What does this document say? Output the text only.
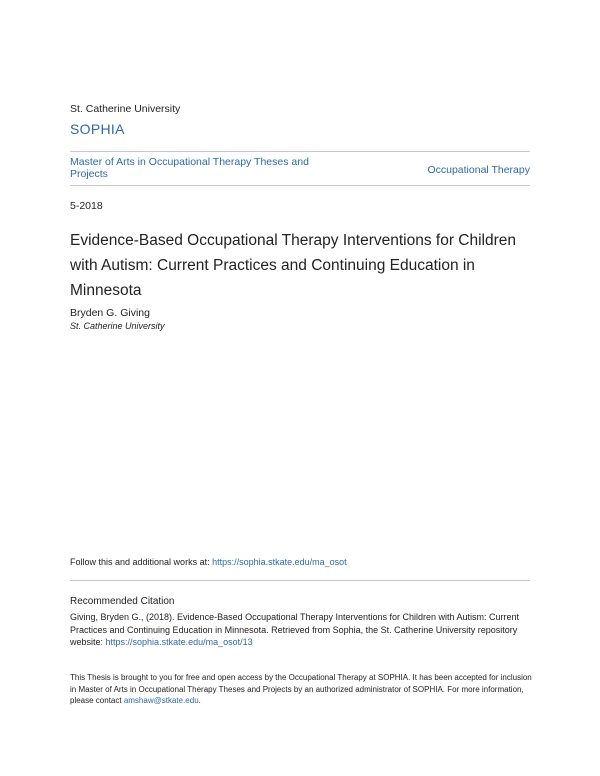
St. Catherine University
SOPHIA
Master of Arts in Occupational Therapy Theses and Projects	Occupational Therapy
5-2018
Evidence-Based Occupational Therapy Interventions for Children with Autism: Current Practices and Continuing Education in Minnesota
Bryden G. Giving
St. Catherine University
Follow this and additional works at: https://sophia.stkate.edu/ma_osot
Recommended Citation
Giving, Bryden G., (2018). Evidence-Based Occupational Therapy Interventions for Children with Autism: Current Practices and Continuing Education in Minnesota. Retrieved from Sophia, the St. Catherine University repository website: https://sophia.stkate.edu/ma_osot/13
This Thesis is brought to you for free and open access by the Occupational Therapy at SOPHIA. It has been accepted for inclusion in Master of Arts in Occupational Therapy Theses and Projects by an authorized administrator of SOPHIA. For more information, please contact amshaw@stkate.edu.
